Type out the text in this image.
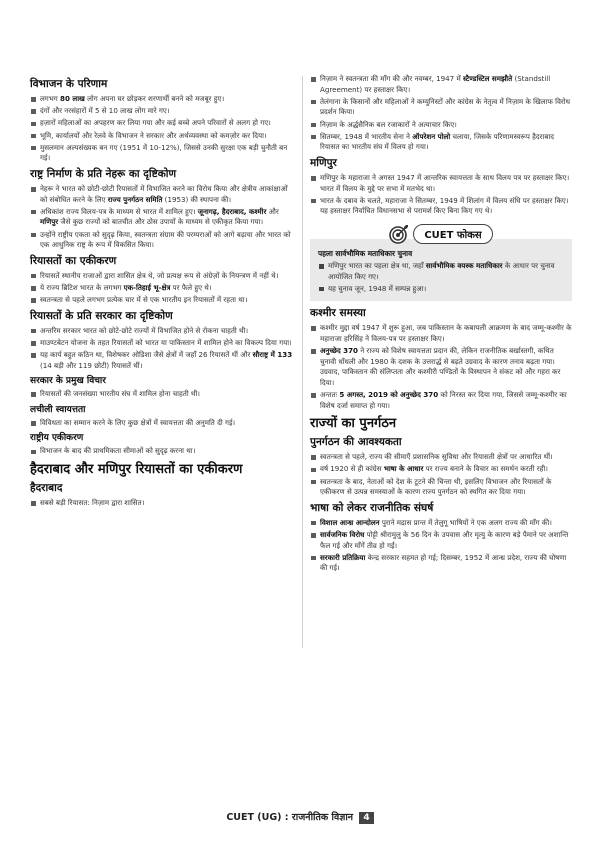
विभाजन के परिणाम
लगभग 80 लाख लोग अपना घर छोड़कर शरणार्थी बनने को मजबूर हुए।
दंगों और नरसंहारों में 5 से 10 लाख लोग मारे गए।
हज़ारों महिलाओं का अपहरण कर लिया गया और कई बच्चे अपने परिवारों से अलग हो गए।
भूमि, कार्यालयों और रेलवे के विभाजन ने सरकार और अर्थव्यवस्था को कमज़ोर कर दिया।
मुसलमान अल्पसंख्यक बन गए (1951 में 10-12%), जिससे उनकी सुरक्षा एक बड़ी चुनौती बन गई।
राष्ट्र निर्माण के प्रति नेहरू का दृष्टिकोण
नेहरू ने भारत को छोटी-छोटी रियासतों में विभाजित करने का विरोध किया और क्षेत्रीय आकांक्षाओं को संबोधित करने के लिए राज्य पुनर्गठन समिति (1953) की स्थापना की।
अधिकांश राज्य विलय-पत्र के माध्यम से भारत में शामिल हुए। जूनागढ़, हैदराबाद, कश्मीर और मणिपुर जैसे कुछ राज्यों को बातचीत और ठोस उपायों के माध्यम से एकीकृत किया गया।
उन्होंने राष्ट्रीय एकता को सुदृढ़ किया, स्वतन्त्रता संग्राम की परम्पराओं को आगे बढ़ाया और भारत को एक आधुनिक राष्ट्र के रूप में विकसित किया।
रियासतों का एकीकरण
रियासतें स्थानीय राजाओं द्वारा शासित क्षेत्र थे, जो प्रत्यक्ष रूप से अंग्रेज़ों के नियन्त्रण में नहीं थे।
ये राज्य ब्रिटिश भारत के लगभग एक-तिहाई भू-क्षेत्र पर फैले हुए थे।
स्वतन्त्रता से पहले लगभग प्रत्येक चार में से एक भारतीय इन रियासतों में रहता था।
रियासतों के प्रति सरकार का दृष्टिकोण
अन्तरिम सरकार भारत को छोटे-छोटे राज्यों में विभाजित होने से रोकना चाहती थी।
माउण्टबेटन योजना के तहत रियासतों को भारत या पाकिस्तान में शामिल होने का विकल्प दिया गया।
यह कार्य बहुत कठिन था, विशेषकर ओडिशा जैसे क्षेत्रों में जहाँ 26 रियासतें थीं और सौराष्ट्र में 133 (14 बड़ी और 119 छोटी) रियासतें थीं।
सरकार के प्रमुख विचार
रियासतों की जनसंख्या भारतीय संघ में शामिल होना चाहती थी।
लचीली स्वायत्तता
विविधता का सम्मान करने के लिए कुछ क्षेत्रों में स्वायत्तता की अनुमति दी गई।
राष्ट्रीय एकीकरण
विभाजन के बाद की प्राथमिकता सीमाओं को सुदृढ़ करना था।
हैदराबाद और मणिपुर रियासतों का एकीकरण
हैदराबाद
सबसे बड़ी रियासत: निज़ाम द्वारा शासित।
निज़ाम ने स्वतन्त्रता की माँग की और नवम्बर, 1947 में स्टैण्डस्टिल समझौते (Standstill Agreement) पर हस्ताक्षर किए।
तेलंगाना के किसानों और महिलाओं ने कम्युनिस्टों और कांग्रेस के नेतृत्व में निज़ाम के खिलाफ विरोध प्रदर्शन किया।
निज़ाम के अर्द्धसैनिक बल रजाकारों ने अत्याचार किए।
सितम्बर, 1948 में भारतीय सेना ने ऑपरेशन पोलो चलाया, जिसके परिणामस्वरूप हैदराबाद रियासत का भारतीय संघ में विलय हो गया।
मणिपुर
मणिपुर के महाराजा ने अगस्त 1947 में आन्तरिक स्वायत्तता के साथ विलय पत्र पर हस्ताक्षर किए। भारत में विलय के मुद्दे पर सभा में मतभेद था।
भारत के दबाव के चलते, महाराजा ने सितम्बर, 1949 में शिलांग में विलय संधि पर हस्ताक्षर किए। यह हस्ताक्षर निर्वाचित विधानसभा से परामर्श किए बिना किए गए थे।
CUET फोकस
पहला सार्वभौमिक मताधिकार चुनाव
मणिपुर भारत का पहला क्षेत्र था, जहाँ सार्वभौमिक वयस्क मताधिकार के आधार पर चुनाव आयोजित किए गए।
यह चुनाव जून, 1948 में सम्पन्न हुआ।
कश्मीर समस्या
कश्मीर मुद्दा वर्ष 1947 में शुरू हुआ, जब पाकिस्तान के कबायली आक्रमण के बाद जम्मू-कश्मीर के महाराजा हरिसिंह ने विलय-पत्र पर हस्ताक्षर किए।
अनुच्छेद 370 ने राज्य को विशेष स्वायत्तता प्रदान की, लेकिन राजनीतिक बर्खास्तगी, कथित चुनावी धाँधली और 1980 के दशक के उत्तरार्द्ध से बढ़ते उग्रवाद के कारण तनाव बढ़ता गया। उग्रवाद, पाकिस्तान की संलिप्तता और कश्मीरी पण्डितों के विस्थापन ने संकट को और गहरा कर दिया।
अन्ततः 5 अगस्त, 2019 को अनुच्छेद 370 को निरस्त कर दिया गया, जिससे जम्मू-कश्मीर का विशेष दर्जा समाप्त हो गया।
राज्यों का पुनर्गठन
पुनर्गठन की आवश्यकता
स्वतन्त्रता से पहले, राज्य की सीमाएँ प्रशासनिक सुविधा और रियासती क्षेत्रों पर आधारित थीं।
वर्ष 1920 से ही कांग्रेस भाषा के आधार पर राज्य बनाने के विचार का समर्थन करती रही।
स्वतन्त्रता के बाद, नेताओं को देश के टूटने की चिन्ता थी, इसलिए विभाजन और रियासतों के एकीकरण से उत्पन्न समस्याओं के कारण राज्य पुनर्गठन को स्थगित कर दिया गया।
भाषा को लेकर राजनीतिक संघर्ष
विशाल आन्ध्र आन्दोलन पुराने मद्रास प्रान्त में तेलुगू भाषियों ने एक अलग राज्य की माँग की।
सार्वजनिक विरोध पोट्टी श्रीरामुलु के 56 दिन के उपवास और मृत्यु के कारण बड़े पैमाने पर अशान्ति फैल गई और माँगें तीव्र हो गईं।
सरकारी प्रतिक्रिया केन्द्र सरकार सहमत हो गई; दिसम्बर, 1952 में आन्ध्र प्रदेश, राज्य की घोषणा की गई।
CUET (UG) : राजनीतिक विज्ञान 4
